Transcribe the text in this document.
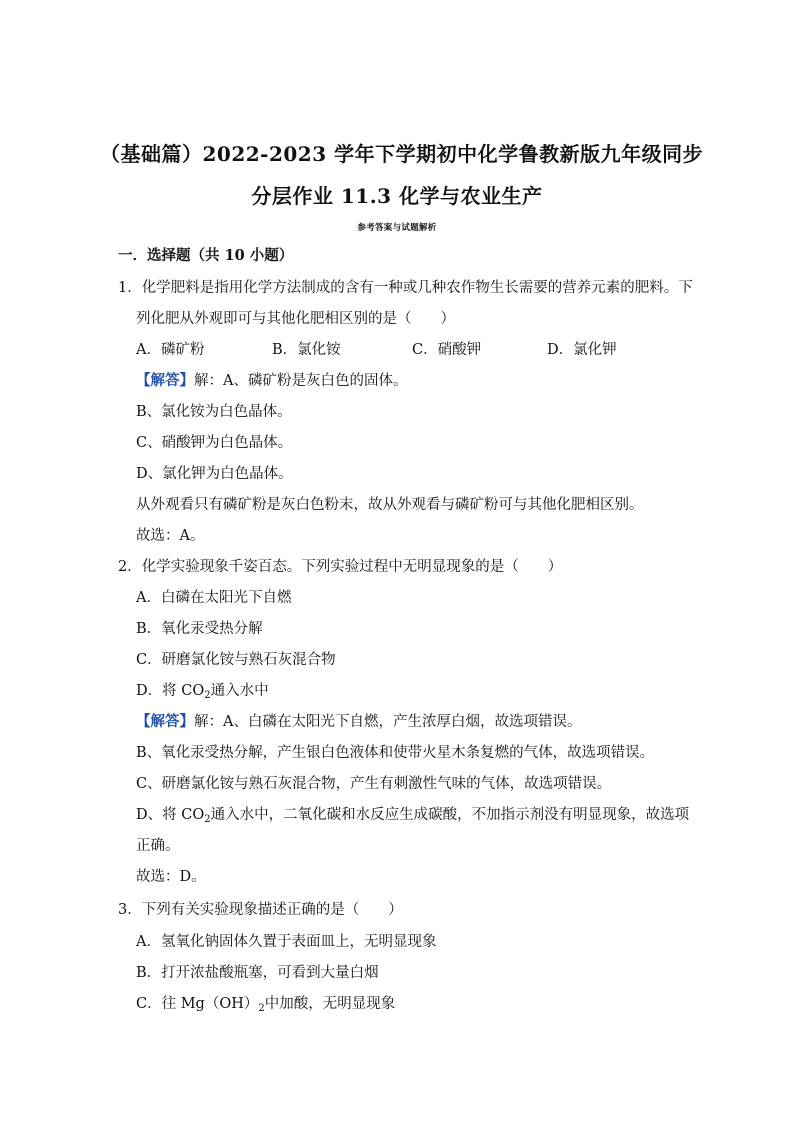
（基础篇）2022-2023 学年下学期初中化学鲁教新版九年级同步
分层作业 11.3 化学与农业生产
参考答案与试题解析
一．选择题（共 10 小题）
1．化学肥料是指用化学方法制成的含有一种或几种农作物生长需要的营养元素的肥料。下
列化肥从外观即可与其他化肥相区别的是（　　）
A．磷矿粉	B．氯化铵	C．硝酸钾	D．氯化钾
【解答】解：A、磷矿粉是灰白色的固体。
B、氯化铵为白色晶体。
C、硝酸钾为白色晶体。
D、氯化钾为白色晶体。
从外观看只有磷矿粉是灰白色粉末，故从外观看与磷矿粉可与其他化肥相区别。
故选：A。
2．化学实验现象千姿百态。下列实验过程中无明显现象的是（　　）
A．白磷在太阳光下自燃
B．氧化汞受热分解
C．研磨氯化铵与熟石灰混合物
D．将 $CO_2$通入水中
【解答】解：A、白磷在太阳光下自燃，产生浓厚白烟，故选项错误。
B、氧化汞受热分解，产生银白色液体和使带火星木条复燃的气体，故选项错误。
C、研磨氯化铵与熟石灰混合物，产生有刺激性气味的气体，故选项错误。
D、将 $CO_2$通入水中，二氧化碳和水反应生成碳酸，不加指示剂没有明显现象，故选项
正确。
故选：D。
3．下列有关实验现象描述正确的是（　　）
A．氢氧化钠固体久置于表面皿上，无明显现象
B．打开浓盐酸瓶塞，可看到大量白烟
C．往 $Mg(OH)_2$中加酸，无明显现象
